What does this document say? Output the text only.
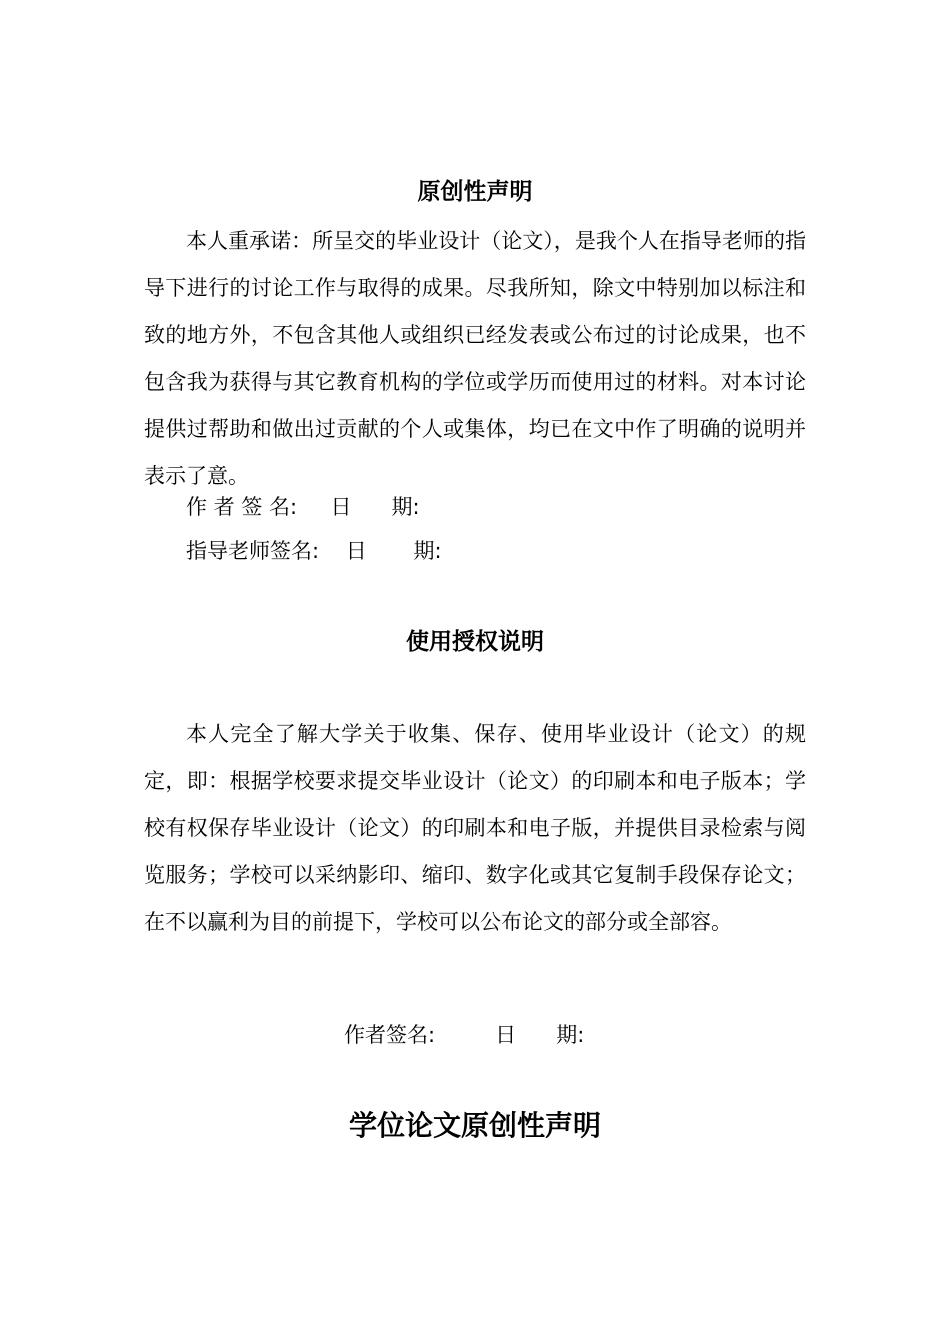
原创性声明

本人重承诺：所呈交的毕业设计（论文），是我个人在指导老师的指导下进行的讨论工作与取得的成果。尽我所知，除文中特别加以标注和致的地方外，不包含其他人或组织已经发表或公布过的讨论成果，也不包含我为获得与其它教育机构的学位或学历而使用过的材料。对本讨论提供过帮助和做出过贡献的个人或集体，均已在文中作了明确的说明并表示了意。

作 者 签 名:     日      期:
指导老师签名:    日       期:
使用授权说明

本人完全了解大学关于收集、保存、使用毕业设计（论文）的规定，即：根据学校要求提交毕业设计（论文）的印刷本和电子版本；学校有权保存毕业设计（论文）的印刷本和电子版，并提供目录检索与阅览服务；学校可以采纳影印、缩印、数字化或其它复制手段保存论文；在不以赢利为目的前提下，学校可以公布论文的部分或全部容。

作者签名:         日      期:
学位论文原创性声明
